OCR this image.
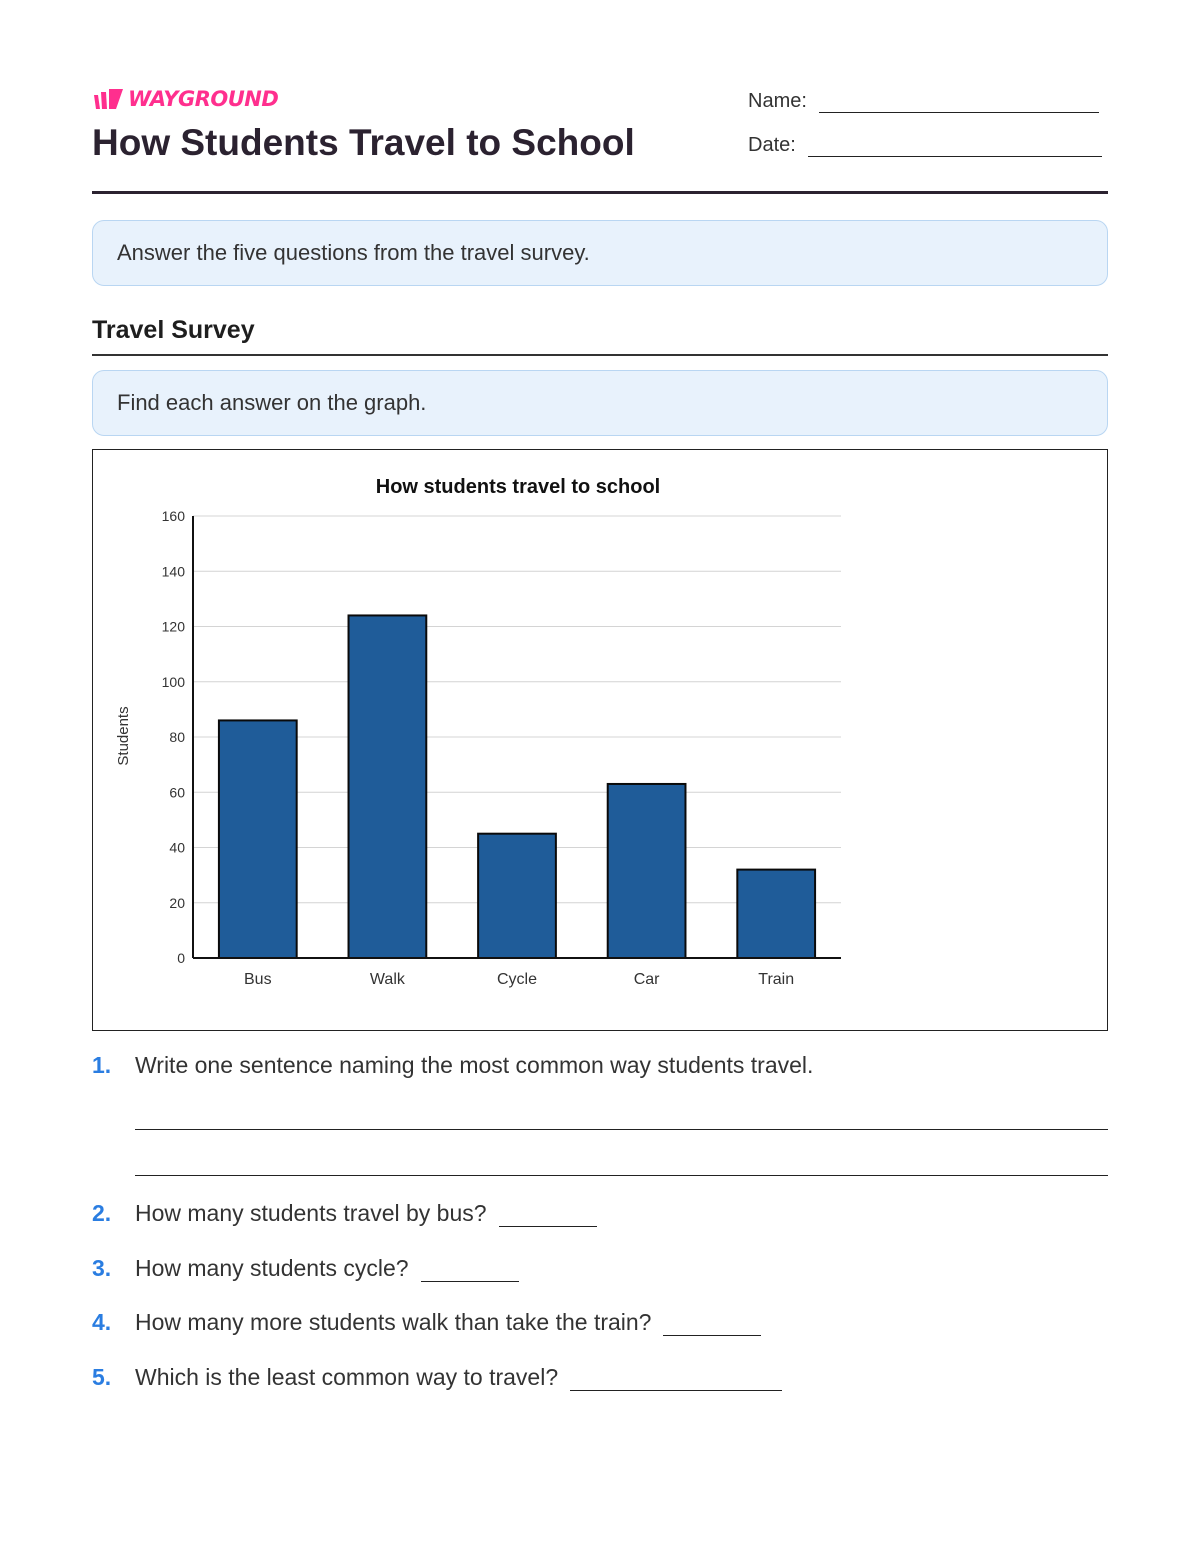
WAYGROUND
How Students Travel to School
Name:
Date:
Answer the five questions from the travel survey.
Travel Survey
Find each answer on the graph.
How students travel to school
Students
0
20
40
60
80
100
120
140
160
Bus	Walk	Cycle	Car	Train
1.	Write one sentence naming the most common way students travel.
2.	How many students travel by bus?
3.	How many students cycle?
4.	How many more students walk than take the train?
5.	Which is the least common way to travel?
